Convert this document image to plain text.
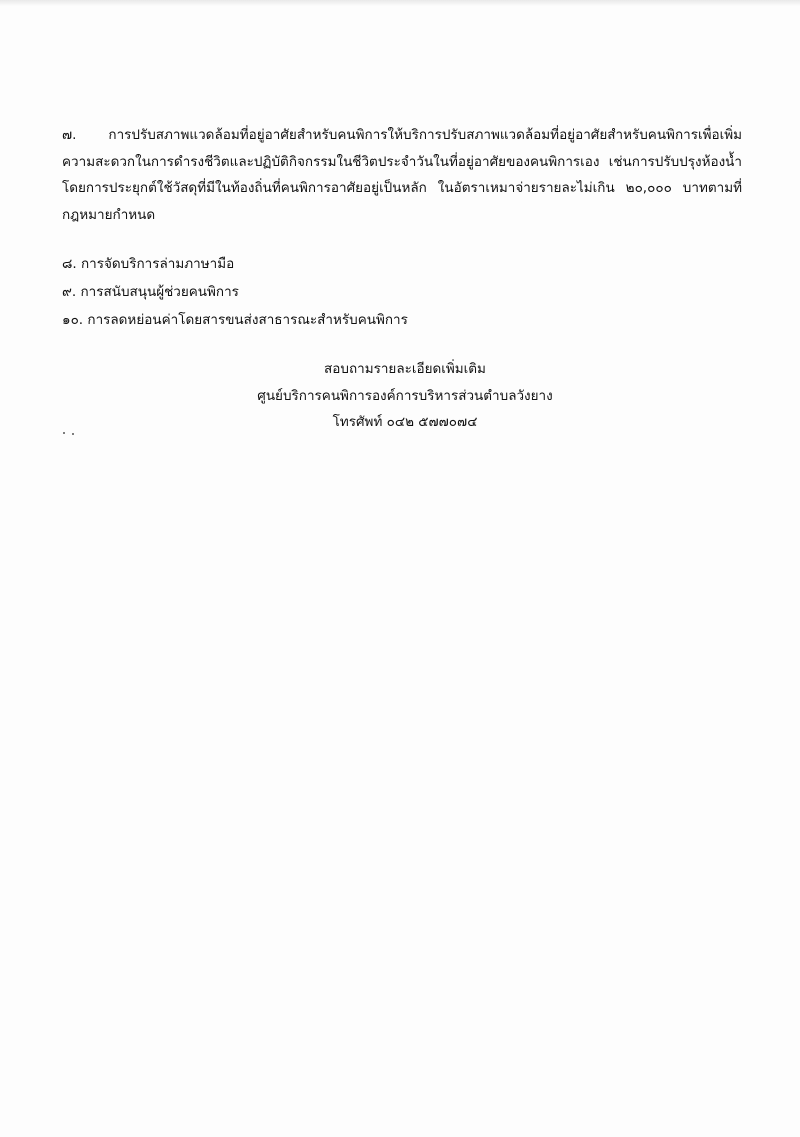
๗. การปรับสภาพแวดล้อมที่อยู่อาศัยสำหรับคนพิการให้บริการปรับสภาพแวดล้อมที่อยู่อาศัยสำหรับคนพิการเพื่อเพิ่มความสะดวกในการดำรงชีวิตและปฏิบัติกิจกรรมในชีวิตประจำวันในที่อยู่อาศัยของคนพิการเอง เช่นการปรับปรุงห้องน้ำ โดยการประยุกต์ใช้วัสดุที่มีในท้องถิ่นที่คนพิการอาศัยอยู่เป็นหลัก ในอัตราเหมาจ่ายรายละไม่เกิน ๒๐,๐๐๐ บาทตามที่กฎหมายกำหนด
๘. การจัดบริการล่ามภาษามือ
๙. การสนับสนุนผู้ช่วยคนพิการ
๑๐. การลดหย่อนค่าโดยสารขนส่งสาธารณะสำหรับคนพิการ
สอบถามรายละเอียดเพิ่มเติม
ศูนย์บริการคนพิการองค์การบริหารส่วนตำบลวังยาง
โทรศัพท์ ๐๔๒ ๕๗๗๐๗๔
